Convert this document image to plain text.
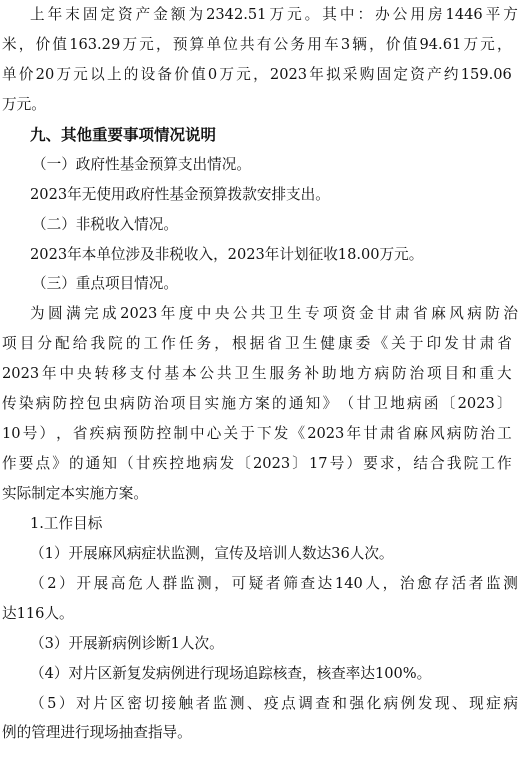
上 年 末 固 定 资 产 金 额 为 2342.51 万 元 。 其 中 ： 办 公 用 房 1446 平 方
米 ， 价 值 163.29 万 元 ， 预 算 单 位 共 有 公 务 用 车 3 辆 ， 价 值 94.61 万 元 ，
单 价 20 万 元 以 上 的 设 备 价 值 0 万 元 ， 2023 年 拟 采 购 固 定 资 产 约 159.06
万元。
九、其他重要事项情况说明
（一）政府性基金预算支出情况。
2023年无使用政府性基金预算拨款安排支出。
（二）非税收入情况。
2023年本单位涉及非税收入，2023年计划征收18.00万元。
（三）重点项目情况。
为 圆 满 完 成 2023 年 度 中 央 公 共 卫 生 专 项 资 金 甘 肃 省 麻 风 病 防 治
项 目 分 配 给 我 院 的 工 作 任 务 ， 根 据 省 卫 生 健 康 委 《 关 于 印 发 甘 肃 省
2023 年 中 央 转 移 支 付 基 本 公 共 卫 生 服 务 补 助 地 方 病 防 治 项 目 和 重 大
传 染 病 防 控 包 虫 病 防 治 项 目 实 施 方 案 的 通 知 》 （ 甘 卫 地 病 函 〔 2023 〕
10 号 ） ， 省 疾 病 预 防 控 制 中 心 关 于 下 发 《 2023 年 甘 肃 省 麻 风 病 防 治 工
作 要 点 》 的 通 知 （ 甘 疾 控 地 病 发 〔 2023 〕 17 号 ） 要 求 ， 结 合 我 院 工 作
实际制定本实施方案。
1.工作目标
（1）开展麻风病症状监测，宣传及培训人数达36人次。
（ 2 ） 开 展 高 危 人 群 监 测 ， 可 疑 者 筛 查 达 140 人 ， 治 愈 存 活 者 监 测
达116人。
（3）开展新病例诊断1人次。
（4）对片区新复发病例进行现场追踪核查，核查率达100%。
（ 5 ） 对 片 区 密 切 接 触 者 监 测 、 疫 点 调 查 和 强 化 病 例 发 现 、 现 症 病
例的管理进行现场抽查指导。
